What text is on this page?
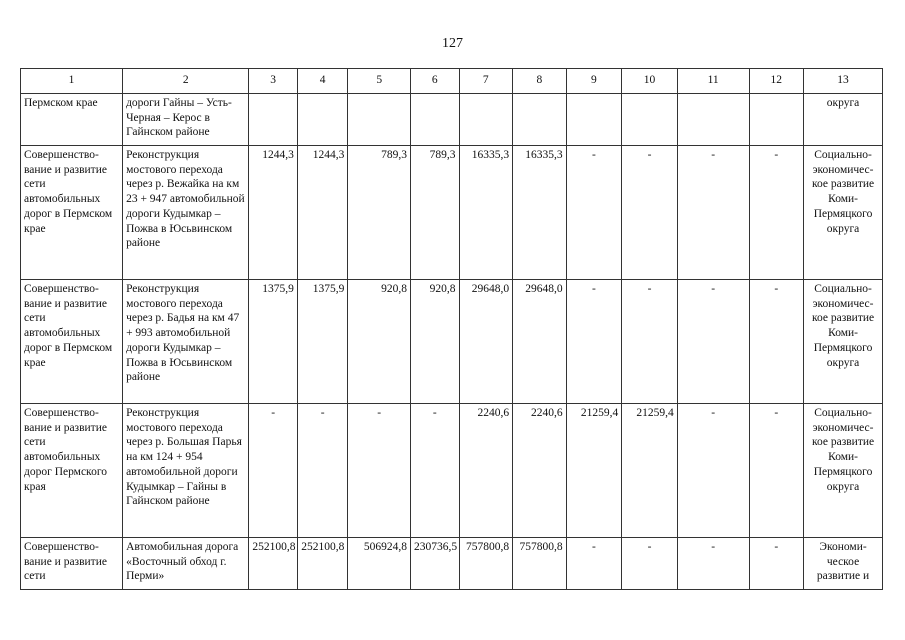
127
1	2	3	4	5	6	7	8	9	10	11	12	13
Пермском крае	дороги Гайны – Усть-Черная – Керос в Гайнском районе											округа
Совершенство-вание и развитие сети автомобильных дорог в Пермском крае	Реконструкция мостового перехода через р. Вежайка на км 23 + 947 автомобильной дороги Кудымкар – Пожва в Юсьвинском районе	1244,3	1244,3	789,3	789,3	16335,3	16335,3	-	-	-	-	Социально-экономичес-кое развитие Коми-Пермяцкого округа
Совершенство-вание и развитие сети автомобильных дорог в Пермском крае	Реконструкция мостового перехода через р. Бадья на км 47 + 993 автомобильной дороги Кудымкар – Пожва в Юсьвинском районе	1375,9	1375,9	920,8	920,8	29648,0	29648,0	-	-	-	-	Социально-экономичес-кое развитие Коми-Пермяцкого округа
Совершенство-вание и развитие сети автомобильных дорог Пермского края	Реконструкция мостового перехода через р. Большая Парья на км 124 + 954 автомобильной дороги Кудымкар – Гайны в Гайнском районе	-	-	-	-	2240,6	2240,6	21259,4	21259,4	-	-	Социально-экономичес-кое развитие Коми-Пермяцкого округа
Совершенство-вание и развитие сети	Автомобильная дорога «Восточный обход г. Перми»	252100,8	252100,8	506924,8	230736,5	757800,8	757800,8	-	-	-	-	Экономи-ческое развитие и
